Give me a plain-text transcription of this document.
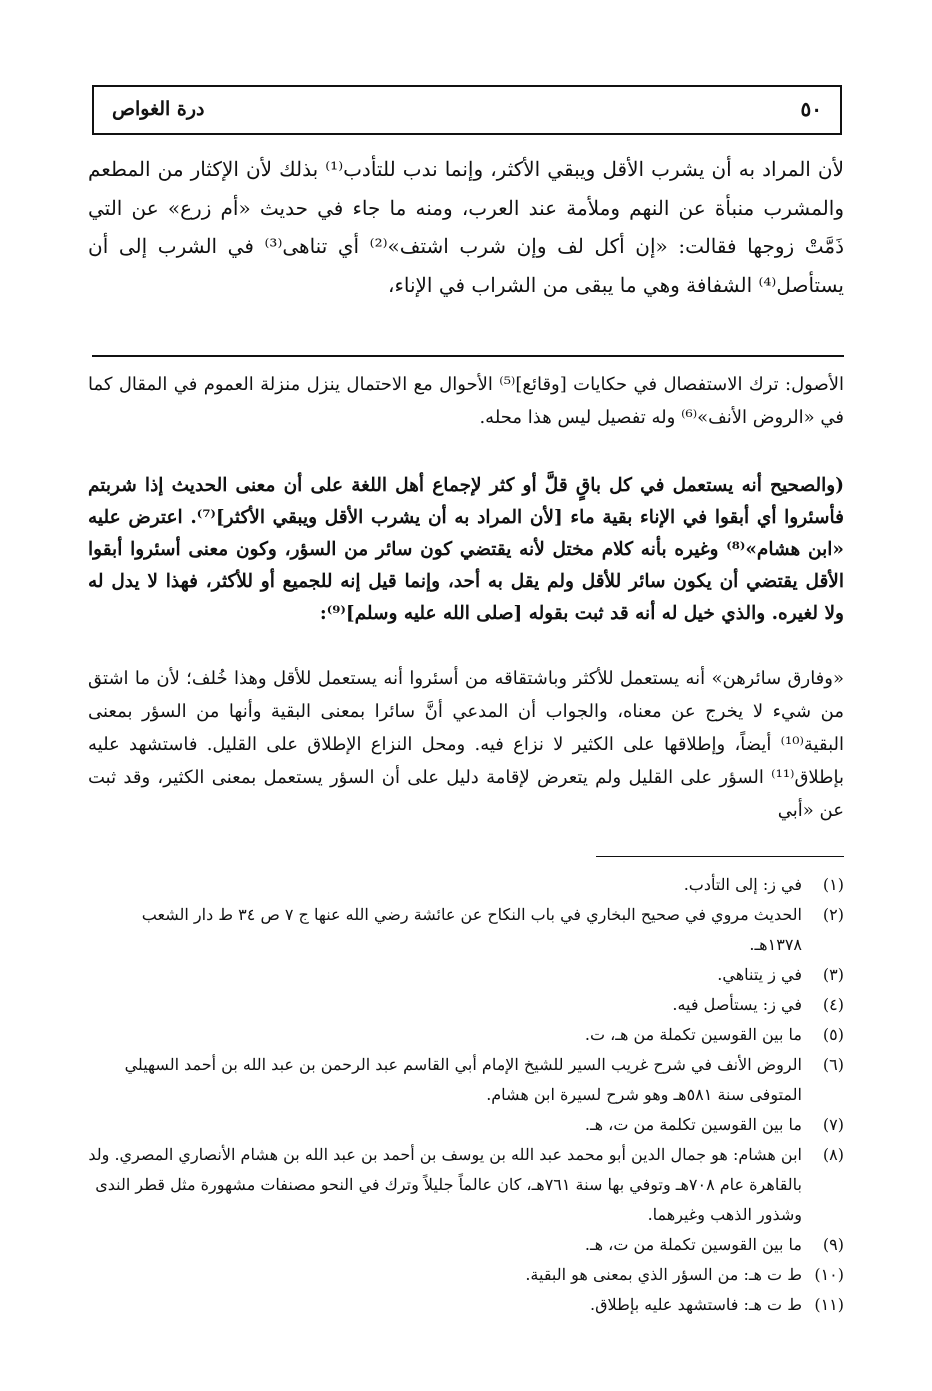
٥٠
درة الغواص
لأن المراد به أن يشرب الأقل ويبقي الأكثر، وإنما ندب للتأدب⁽¹⁾ بذلك لأن الإكثار من المطعم والمشرب منبأة عن النهم وملأمة عند العرب، ومنه ما جاء في حديث «أم زرع» عن التي ذَمَّتْ زوجها فقالت: «إن أكل لف وإن شرب اشتف»⁽²⁾ أي تناهى⁽³⁾ في الشرب إلى أن يستأصل⁽⁴⁾ الشفافة وهي ما يبقى من الشراب في الإناء،
الأصول: ترك الاستفصال في حكايات [وقائع]⁽⁵⁾ الأحوال مع الاحتمال ينزل منزلة العموم في المقال كما في «الروض الأنف»⁽⁶⁾ وله تفصيل ليس هذا محله.
(والصحيح أنه يستعمل في كل باقٍ قلَّ أو كثر لإجماع أهل اللغة على أن معنى الحديث إذا شربتم فأسئروا أي أبقوا في الإناء بقية ماء [لأن المراد به أن يشرب الأقل ويبقي الأكثر]⁽⁷⁾. اعترض عليه «ابن هشام»⁽⁸⁾ وغيره بأنه كلام مختل لأنه يقتضي كون سائر من السؤر، وكون معنى أسئروا أبقوا الأقل يقتضي أن يكون سائر للأقل ولم يقل به أحد، وإنما قيل إنه للجميع أو للأكثر، فهذا لا يدل له ولا لغيره. والذي خيل له أنه قد ثبت بقوله [صلى الله عليه وسلم]⁽⁹⁾:
«وفارق سائرهن» أنه يستعمل للأكثر وباشتقاقه من أسئروا أنه يستعمل للأقل وهذا خُلف؛ لأن ما اشتق من شيء لا يخرج عن معناه، والجواب أن المدعي أنَّ سائرا بمعنى البقية وأنها من السؤر بمعنى البقية⁽¹⁰⁾ أيضاً، وإطلاقها على الكثير لا نزاع فيه. ومحل النزاع الإطلاق على القليل. فاستشهد عليه بإطلاق⁽¹¹⁾ السؤر على القليل ولم يتعرض لإقامة دليل على أن السؤر يستعمل بمعنى الكثير، وقد ثبت عن «أبي
(١)
في ز: إلى التأدب.
(٢)
الحديث مروي في صحيح البخاري في باب النكاح عن عائشة رضي الله عنها ج ٧ ص ٣٤ ط دار الشعب ١٣٧٨هـ.
(٣)
في ز يتناهي.
(٤)
في ز: يستأصل فيه.
(٥)
ما بين القوسين تكملة من هـ، ت.
(٦)
الروض الأنف في شرح غريب السير للشيخ الإمام أبي القاسم عبد الرحمن بن عبد الله بن أحمد السهيلي المتوفى سنة ٥٨١هـ وهو شرح لسيرة ابن هشام.
(٧)
ما بين القوسين تكلمة من ت، هـ.
(٨)
ابن هشام: هو جمال الدين أبو محمد عبد الله بن يوسف بن أحمد بن عبد الله بن هشام الأنصاري المصري. ولد بالقاهرة عام ٧٠٨هـ وتوفي بها سنة ٧٦١هـ، كان عالماً جليلاً وترك في النحو مصنفات مشهورة مثل قطر الندى وشذور الذهب وغيرهما.
(٩)
ما بين القوسين تكملة من ت، هـ.
(١٠)
ط ت هـ: من السؤر الذي بمعنى هو البقية.
(١١)
ط ت هـ: فاستشهد عليه بإطلاق.
